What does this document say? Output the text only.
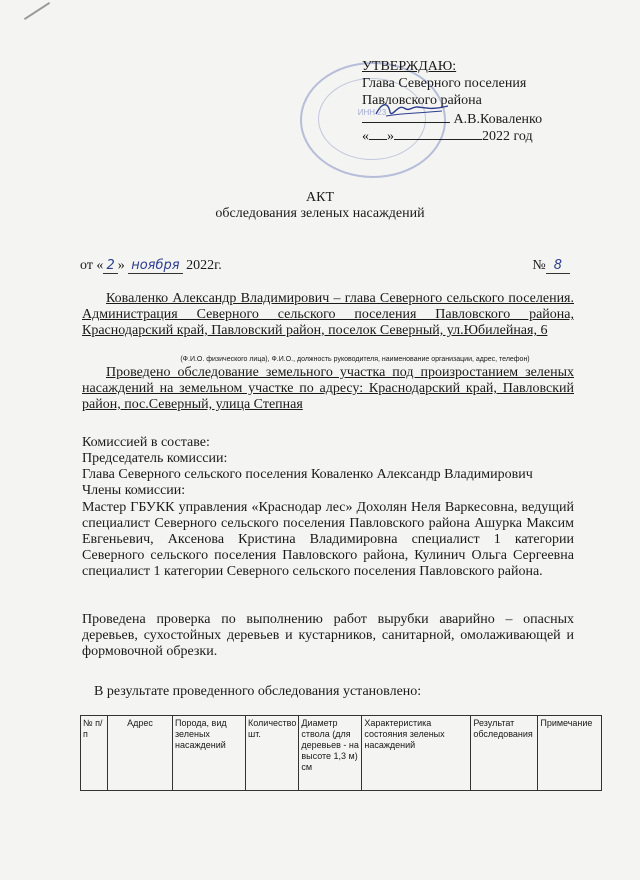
ИНН 23
УТВЕРЖДАЮ:
Глава Северного поселения
Павловского района
А.В.Коваленко
« »	2022 год
АКТ
обследования зеленых насаждений
от « 2 » ноября 2022г.	№ 8
Коваленко Александр Владимирович – глава Северного сельского поселения. Администрация Северного сельского поселения Павловского района, Краснодарский край, Павловский район, поселок Северный, ул.Юбилейная, 6
(Ф.И.О. физического лица), Ф.И.О., должность руководителя, наименование организации, адрес, телефон)
Проведено обследование земельного участка под произростанием зеленых насаждений на земельном участке по адресу: Краснодарский край, Павловский район, пос.Северный, улица Степная
Комиссией в составе:
Председатель комиссии:
Глава Северного сельского поселения Коваленко Александр Владимирович
Члены комиссии:
Мастер ГБУКК управления «Краснодар лес» Дохолян Неля Варкесовна, ведущий специалист Северного сельского поселения Павловского района Ашурка Максим Евгеньевич, Аксенова Кристина Владимировна специалист 1 категории Северного сельского поселения Павловского района, Кулинич Ольга Сергеевна специалист 1 категории Северного сельского поселения Павловского района.
Проведена проверка по выполнению работ вырубки аварийно – опасных деревьев, сухостойных деревьев и кустарников, санитарной, омолаживающей и формовочной обрезки.
В результате проведенного обследования установлено:
№ п/п	Адрес	Порода, вид зеленых насаждений	Количество шт.	Диаметр ствола (для деревьев - на высоте 1,3 м) см	Характеристика состояния зеленых насаждений	Результат обследования	Примечание
